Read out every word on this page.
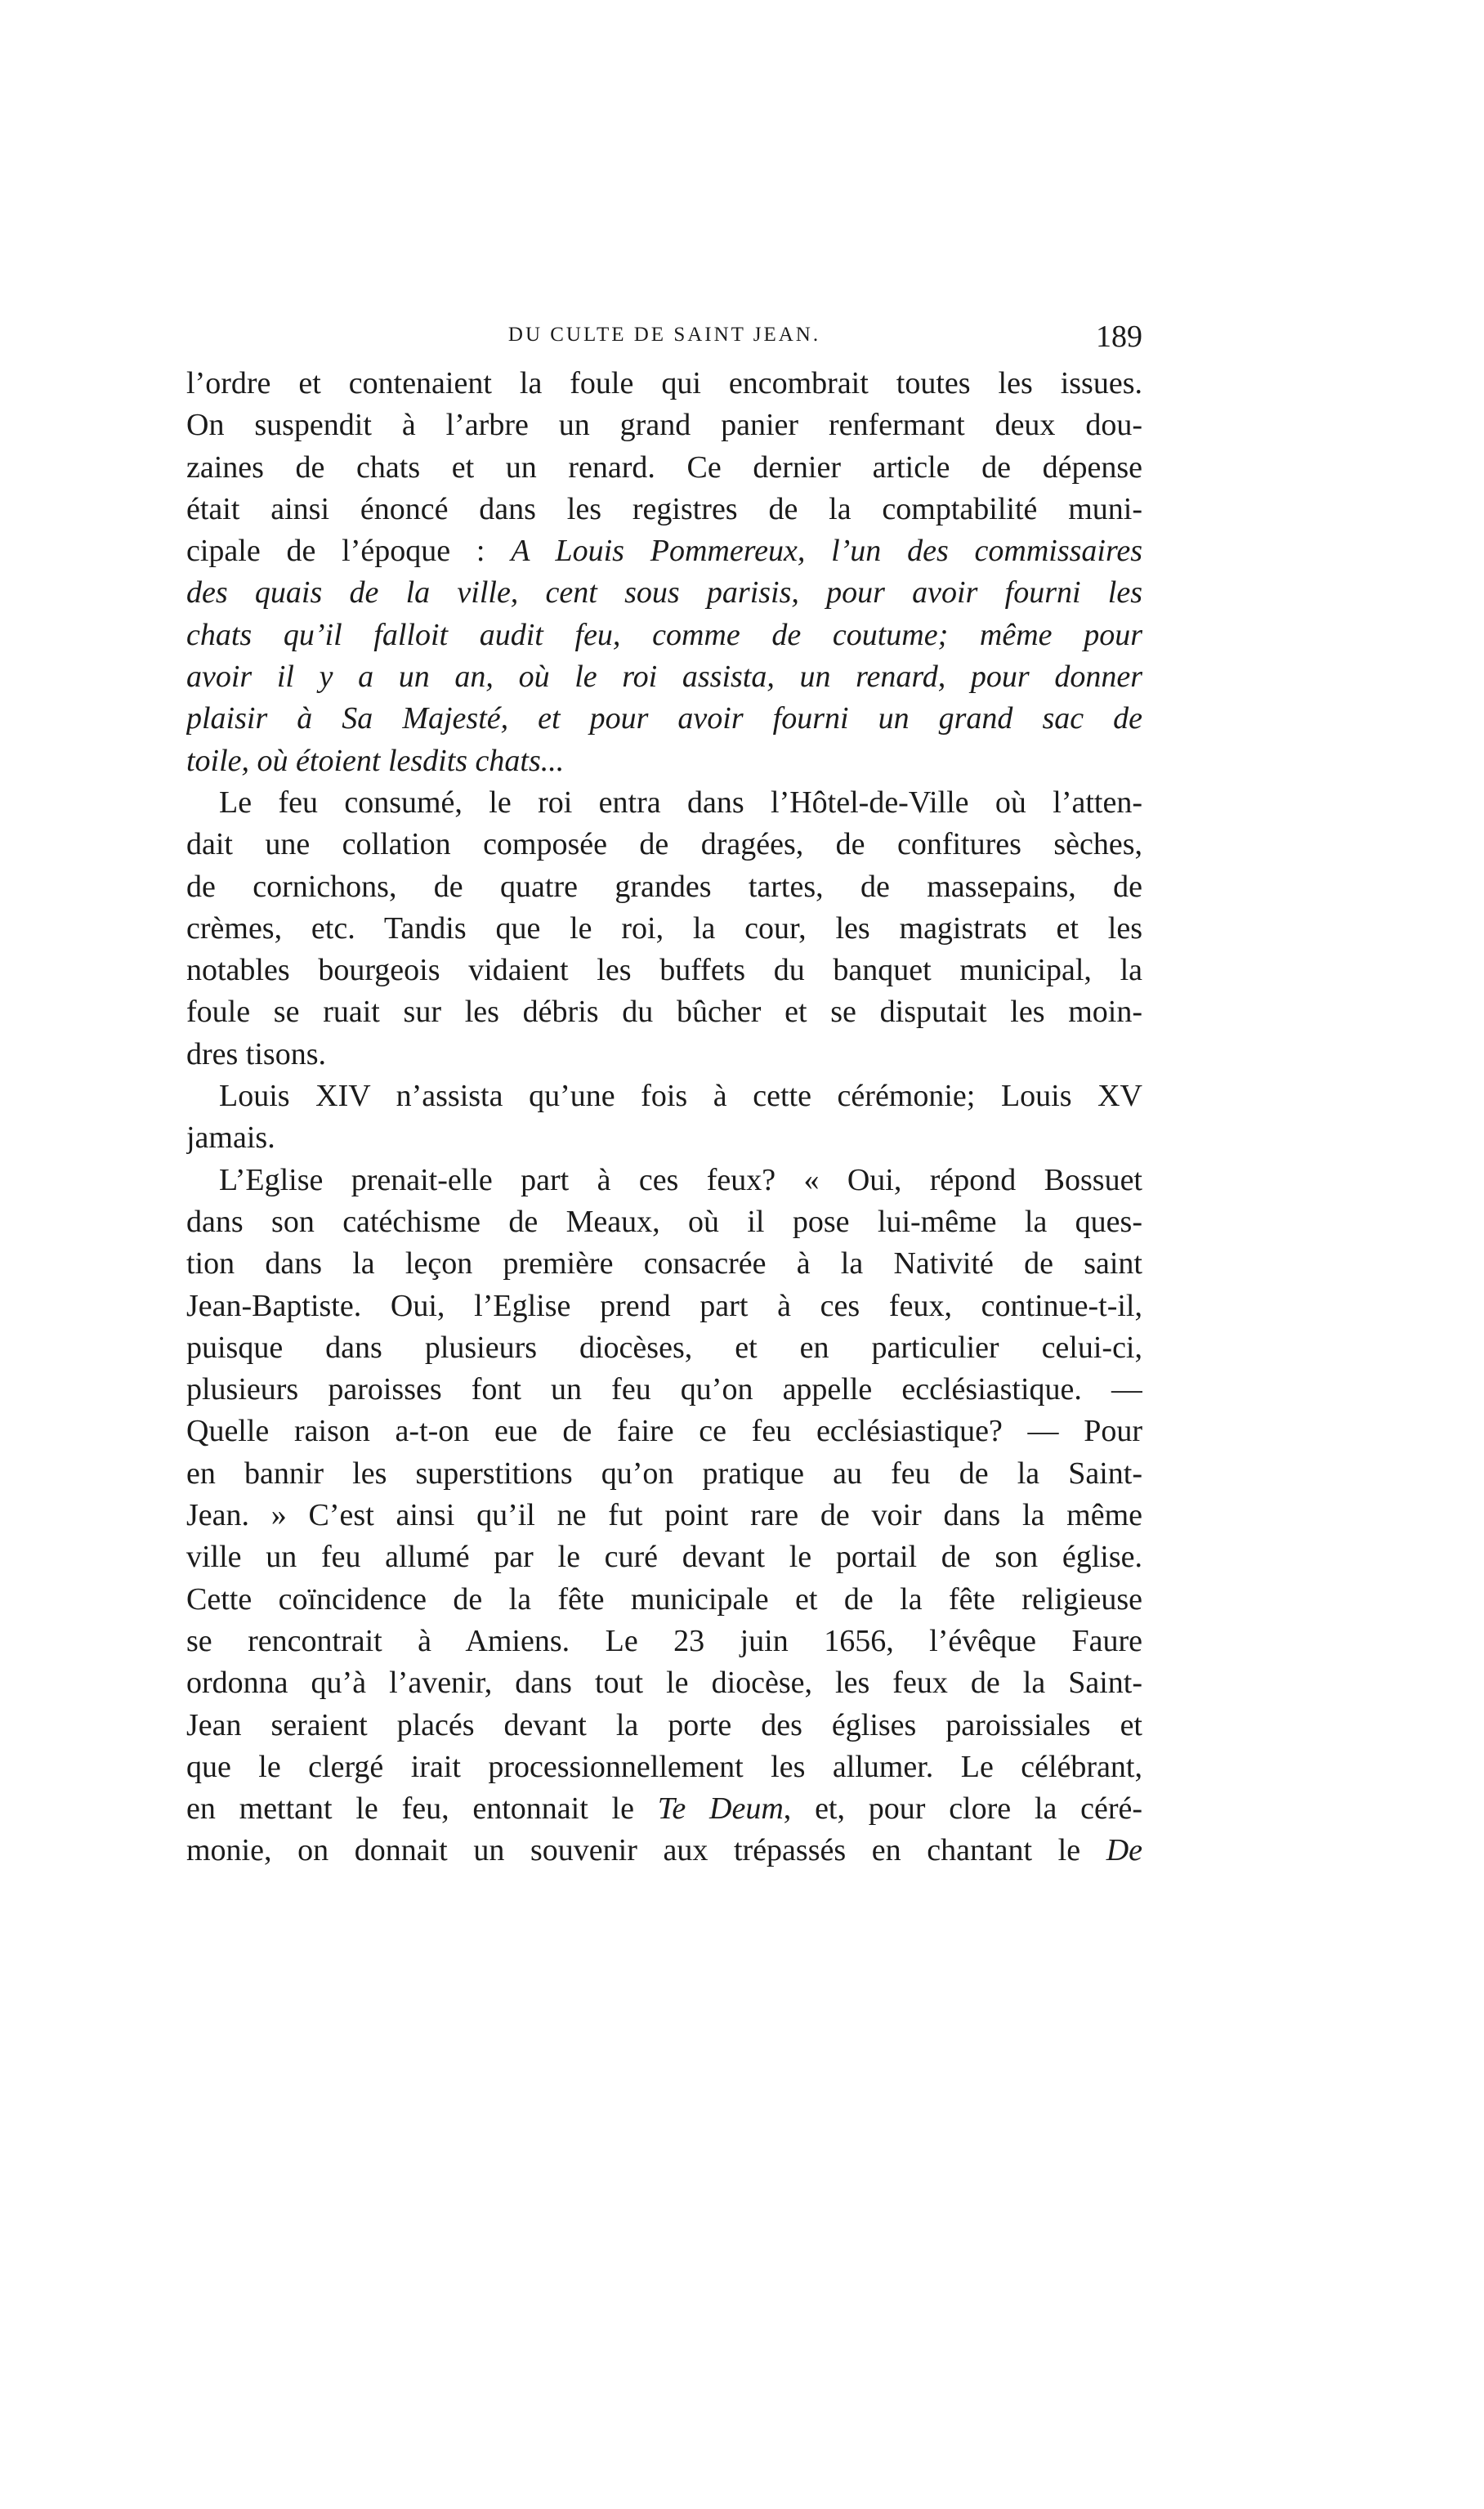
DU CULTE DE SAINT JEAN.	189
l’ordre et contenaient la foule qui encombrait toutes les issues.
On suspendit à l’arbre un grand panier renfermant deux dou-
zaines de chats et un renard. Ce dernier article de dépense
était ainsi énoncé dans les registres de la comptabilité muni-
cipale de l’époque : A Louis Pommereux, l’un des commissaires
des quais de la ville, cent sous parisis, pour avoir fourni les
chats qu’il falloit audit feu, comme de coutume; même pour
avoir il y a un an, où le roi assista, un renard, pour donner
plaisir à Sa Majesté, et pour avoir fourni un grand sac de
toile, où étoient lesdits chats...
Le feu consumé, le roi entra dans l’Hôtel-de-Ville où l’atten-
dait une collation composée de dragées, de confitures sèches,
de cornichons, de quatre grandes tartes, de massepains, de
crèmes, etc. Tandis que le roi, la cour, les magistrats et les
notables bourgeois vidaient les buffets du banquet municipal, la
foule se ruait sur les débris du bûcher et se disputait les moin-
dres tisons.
Louis XIV n’assista qu’une fois à cette cérémonie; Louis XV
jamais.
L’Eglise prenait-elle part à ces feux? « Oui, répond Bossuet
dans son catéchisme de Meaux, où il pose lui-même la ques-
tion dans la leçon première consacrée à la Nativité de saint
Jean-Baptiste. Oui, l’Eglise prend part à ces feux, continue-t-il,
puisque dans plusieurs diocèses, et en particulier celui-ci,
plusieurs paroisses font un feu qu’on appelle ecclésiastique. —
Quelle raison a-t-on eue de faire ce feu ecclésiastique? — Pour
en bannir les superstitions qu’on pratique au feu de la Saint-
Jean. » C’est ainsi qu’il ne fut point rare de voir dans la même
ville un feu allumé par le curé devant le portail de son église.
Cette coïncidence de la fête municipale et de la fête religieuse
se rencontrait à Amiens. Le 23 juin 1656, l’évêque Faure
ordonna qu’à l’avenir, dans tout le diocèse, les feux de la Saint-
Jean seraient placés devant la porte des églises paroissiales et
que le clergé irait processionnellement les allumer. Le célébrant,
en mettant le feu, entonnait le Te Deum, et, pour clore la céré-
monie, on donnait un souvenir aux trépassés en chantant le De
